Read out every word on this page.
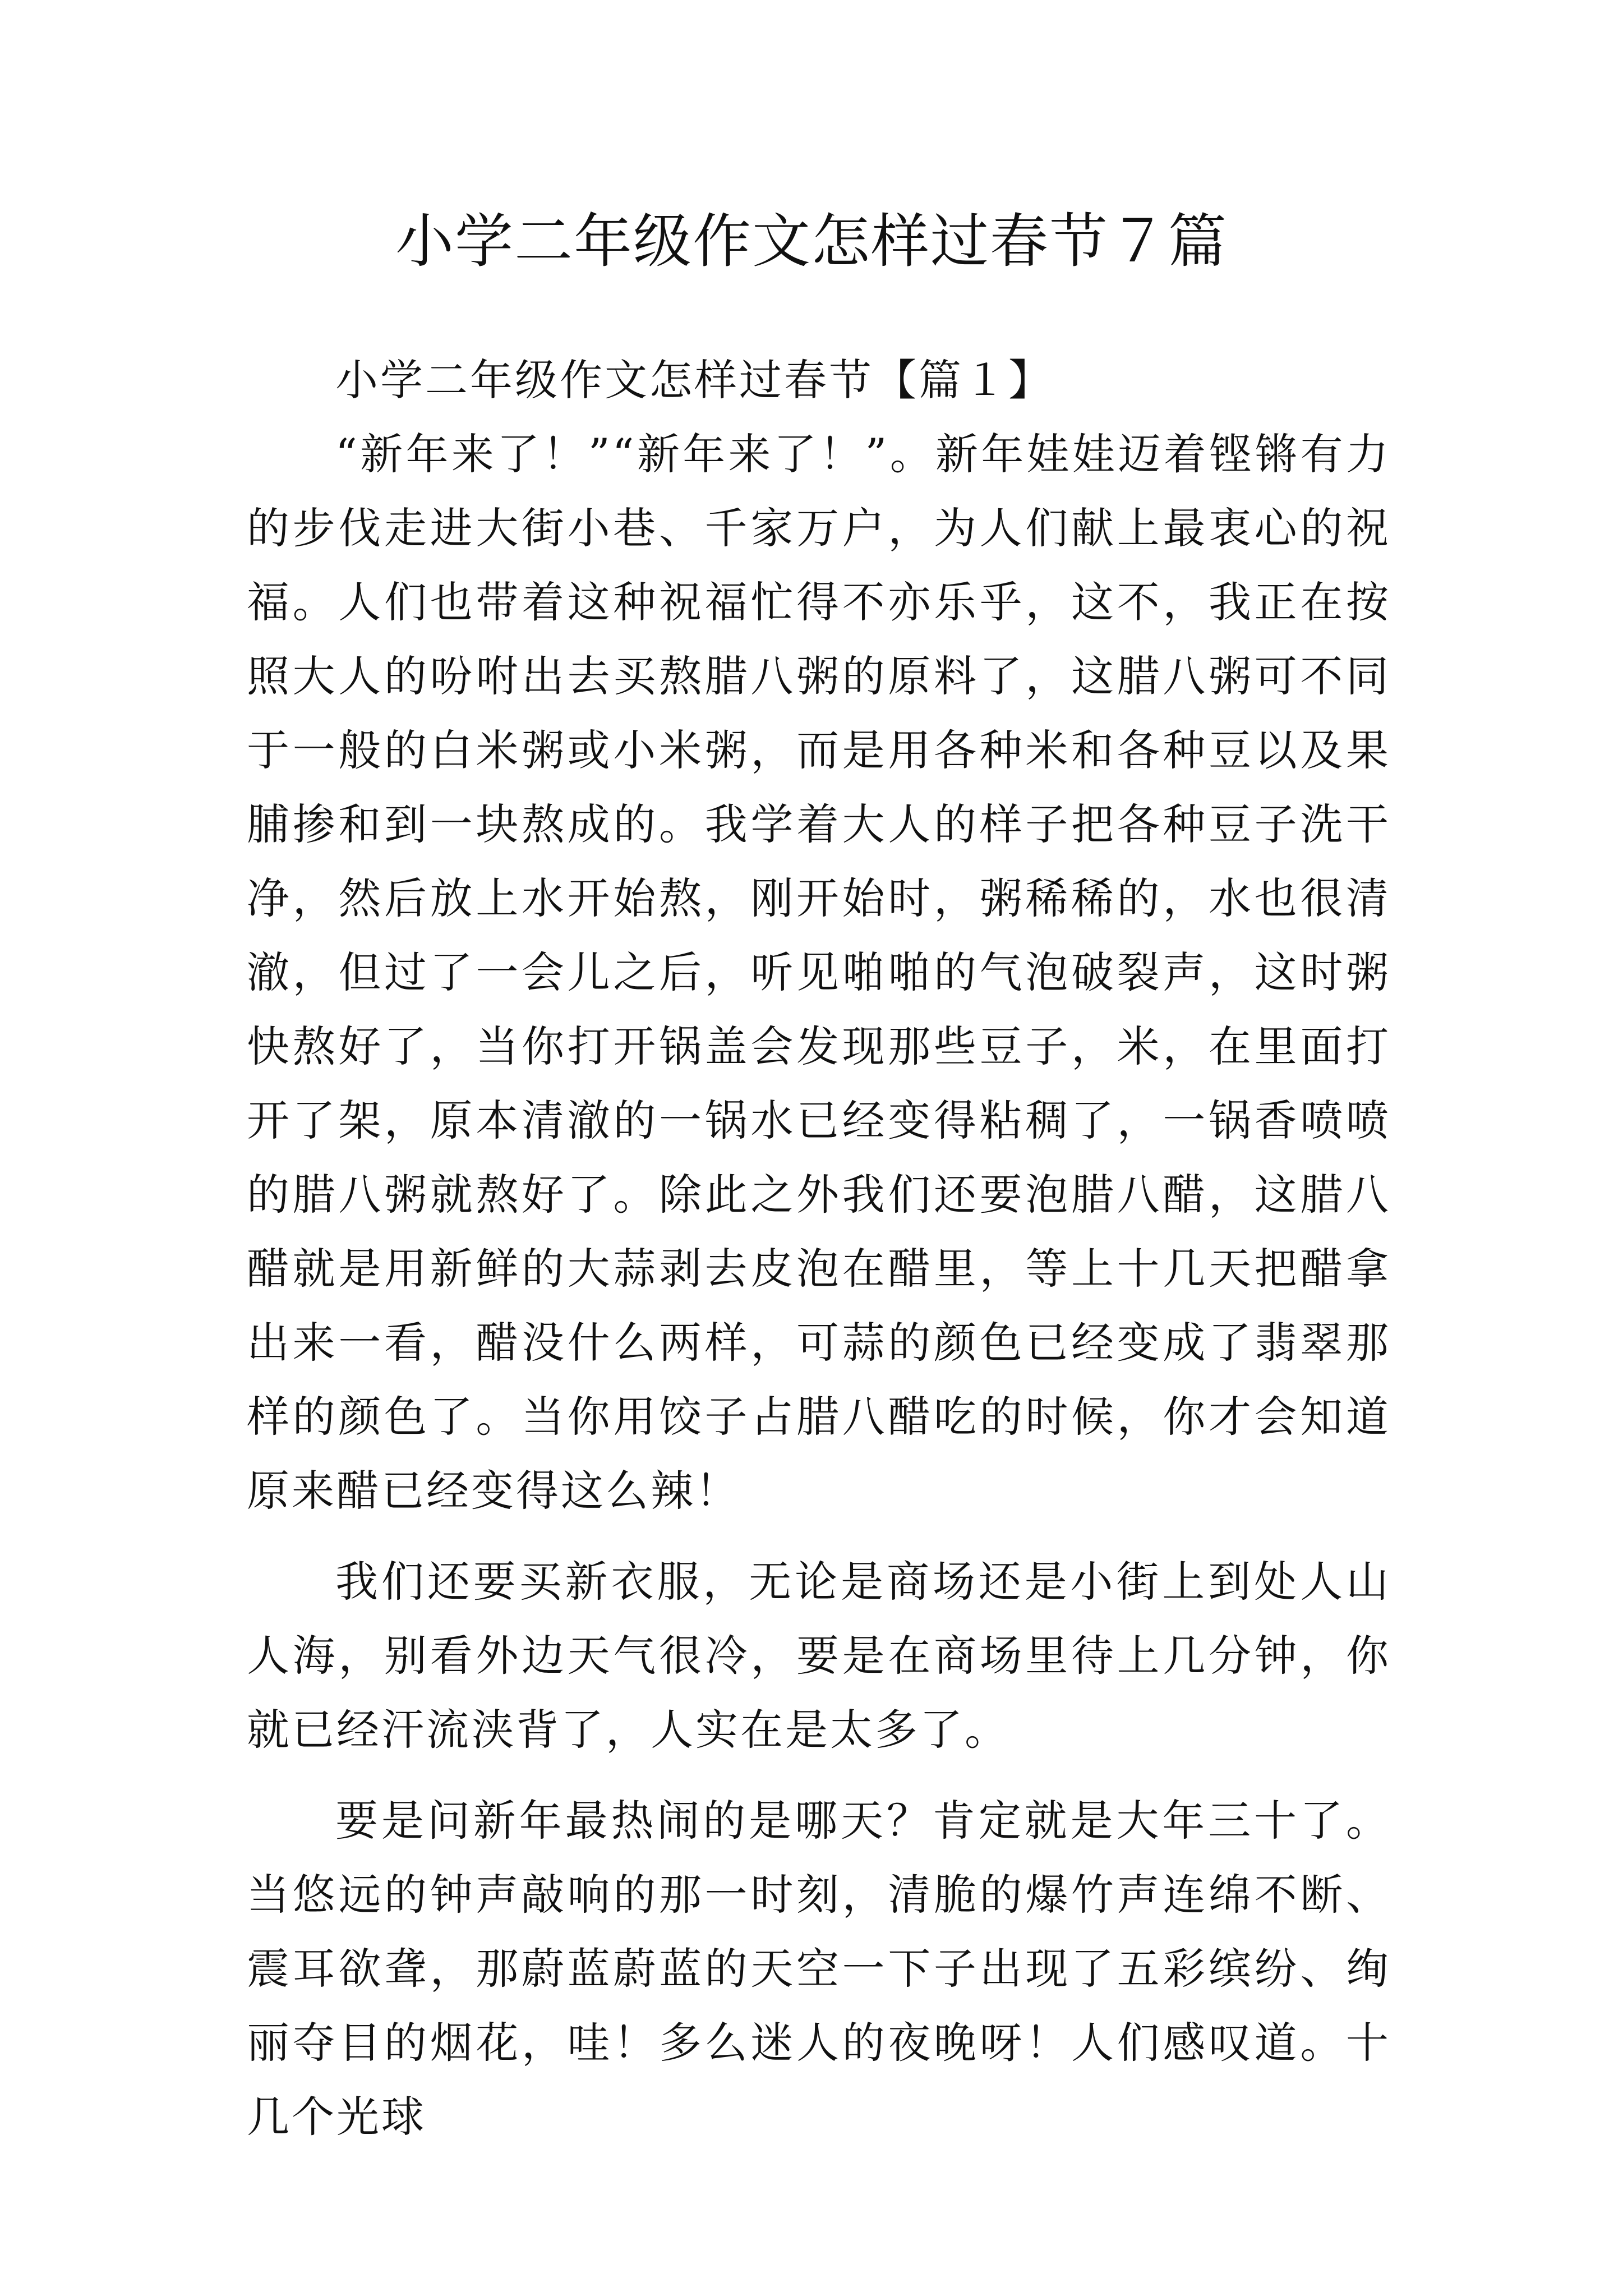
小学二年级作文怎样过春节７篇

小学二年级作文怎样过春节【篇１】

“新年来了！”“新年来了！”。新年娃娃迈着铿锵有力的步伐走进大街小巷、千家万户，为人们献上最衷心的祝福。人们也带着这种祝福忙得不亦乐乎，这不，我正在按照大人的吩咐出去买熬腊八粥的原料了，这腊八粥可不同于一般的白米粥或小米粥，而是用各种米和各种豆以及果脯掺和到一块熬成的。我学着大人的样子把各种豆子洗干净，然后放上水开始熬，刚开始时，粥稀稀的，水也很清澈，但过了一会儿之后，听见啪啪的气泡破裂声，这时粥快熬好了，当你打开锅盖会发现那些豆子，米，在里面打开了架，原本清澈的一锅水已经变得粘稠了，一锅香喷喷的腊八粥就熬好了。除此之外我们还要泡腊八醋，这腊八醋就是用新鲜的大蒜剥去皮泡在醋里，等上十几天把醋拿出来一看，醋没什么两样，可蒜的颜色已经变成了翡翠那样的颜色了。当你用饺子占腊八醋吃的时候，你才会知道原来醋已经变得这么辣！

我们还要买新衣服，无论是商场还是小街上到处人山人海，别看外边天气很冷，要是在商场里待上几分钟，你就已经汗流浃背了，人实在是太多了。

要是问新年最热闹的是哪天？肯定就是大年三十了。当悠远的钟声敲响的那一时刻，清脆的爆竹声连绵不断、震耳欲聋，那蔚蓝蔚蓝的天空一下子出现了五彩缤纷、绚丽夺目的烟花，哇！多么迷人的夜晚呀！人们感叹道。十几个光球
